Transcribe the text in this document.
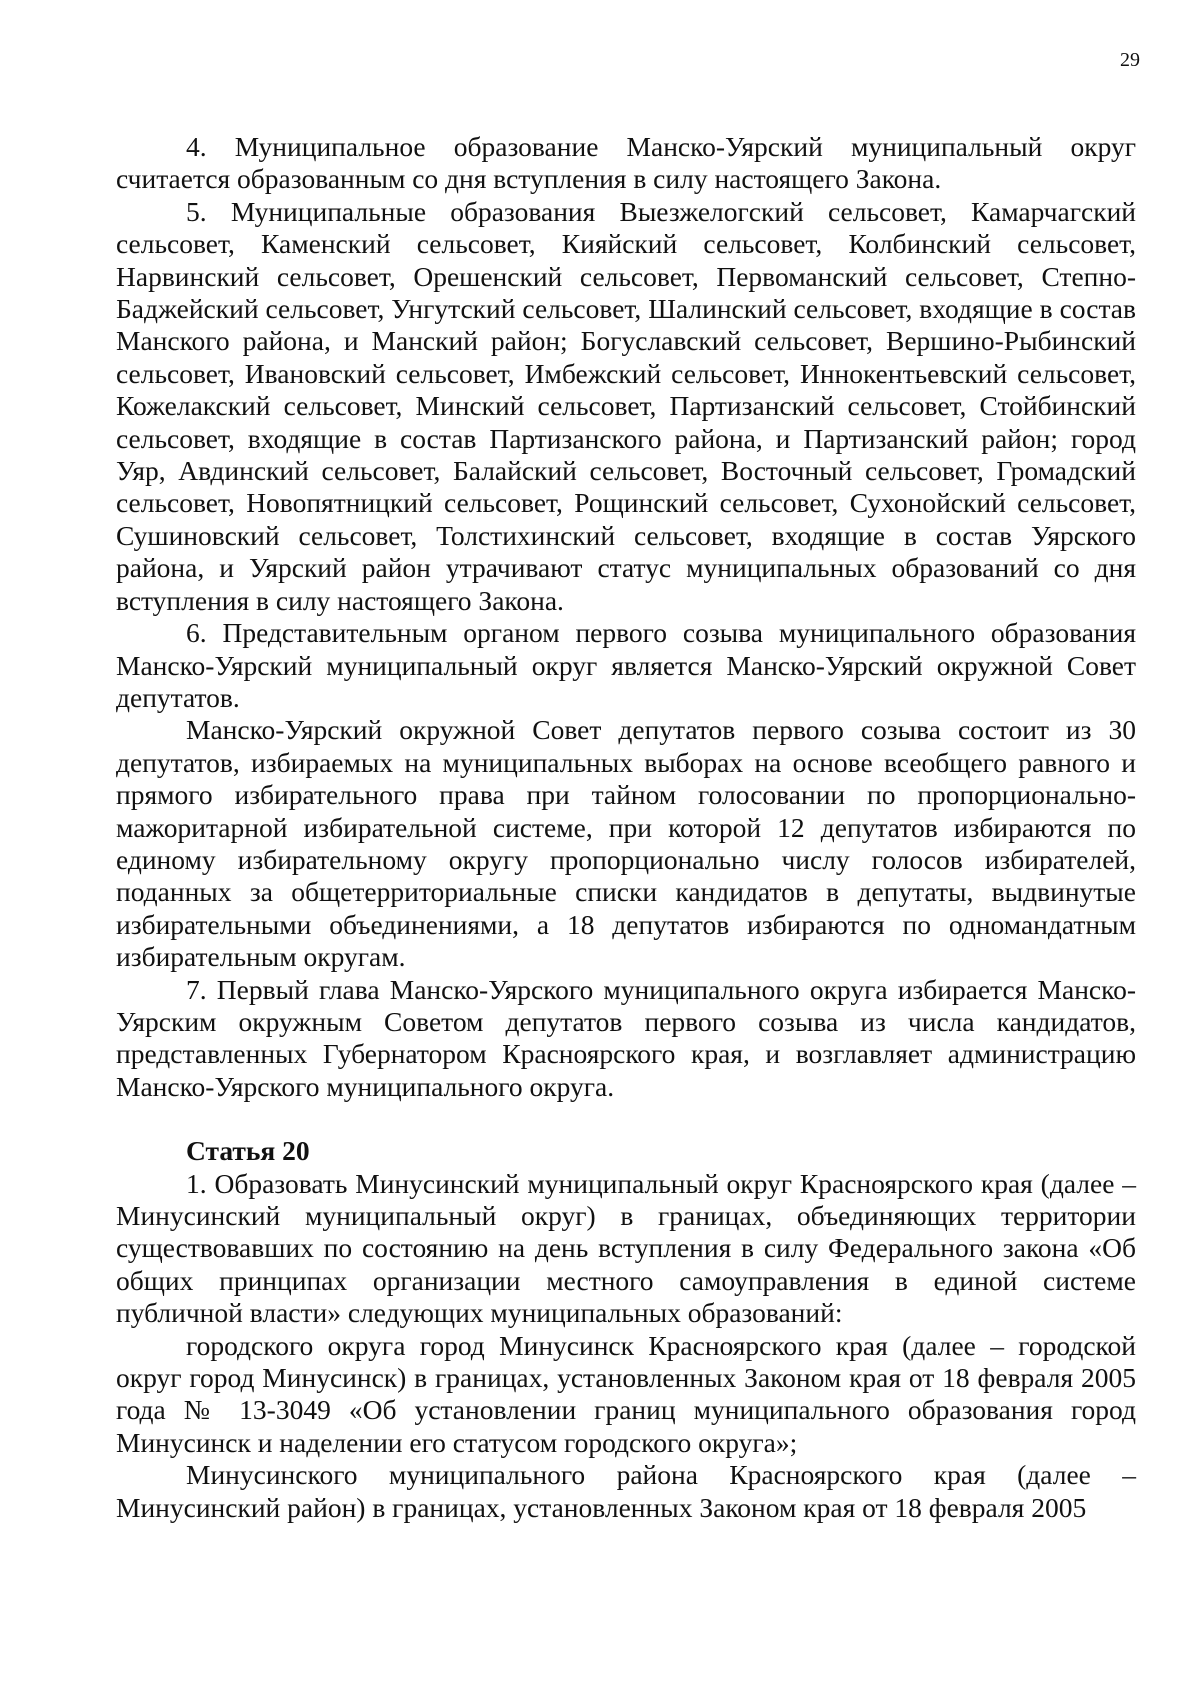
29

4. Муниципальное образование Манско-Уярский муниципальный округ считается образованным со дня вступления в силу настоящего Закона.

5. Муниципальные образования Выезжелогский сельсовет, Камарчагский сельсовет, Каменский сельсовет, Кияйский сельсовет, Колбинский сельсовет, Нарвинский сельсовет, Орешенский сельсовет, Первоманский сельсовет, Степно-Баджейский сельсовет, Унгутский сельсовет, Шалинский сельсовет, входящие в состав Манского района, и Манский район; Богуславский сельсовет, Вершино-Рыбинский сельсовет, Ивановский сельсовет, Имбежский сельсовет, Иннокентьевский сельсовет, Кожелакский сельсовет, Минский сельсовет, Партизанский сельсовет, Стойбинский сельсовет, входящие в состав Партизанского района, и Партизанский район; город Уяр, Авдинский сельсовет, Балайский сельсовет, Восточный сельсовет, Громадский сельсовет, Новопятницкий сельсовет, Рощинский сельсовет, Сухонойский сельсовет, Сушиновский сельсовет, Толстихинский сельсовет, входящие в состав Уярского района, и Уярский район утрачивают статус муниципальных образований со дня вступления в силу настоящего Закона.

6. Представительным органом первого созыва муниципального образования Манско-Уярский муниципальный округ является Манско-Уярский окружной Совет депутатов.

Манско-Уярский окружной Совет депутатов первого созыва состоит из 30 депутатов, избираемых на муниципальных выборах на основе всеобщего равного и прямого избирательного права при тайном голосовании по пропорционально-мажоритарной избирательной системе, при которой 12 депутатов избираются по единому избирательному округу пропорционально числу голосов избирателей, поданных за общетерриториальные списки кандидатов в депутаты, выдвинутые избирательными объединениями, а 18 депутатов избираются по одномандатным избирательным округам.

7. Первый глава Манско-Уярского муниципального округа избирается Манско-Уярским окружным Советом депутатов первого созыва из числа кандидатов, представленных Губернатором Красноярского края, и возглавляет администрацию Манско-Уярского муниципального округа.

Статья 20

1. Образовать Минусинский муниципальный округ Красноярского края (далее – Минусинский муниципальный округ) в границах, объединяющих территории существовавших по состоянию на день вступления в силу Федерального закона «Об общих принципах организации местного самоуправления в единой системе публичной власти» следующих муниципальных образований:

городского округа город Минусинск Красноярского края (далее – городской округ город Минусинск) в границах, установленных Законом края от 18 февраля 2005 года № 13-3049 «Об установлении границ муниципального образования город Минусинск и наделении его статусом городского округа»;

Минусинского муниципального района Красноярского края (далее – Минусинский район) в границах, установленных Законом края от 18 февраля 2005
